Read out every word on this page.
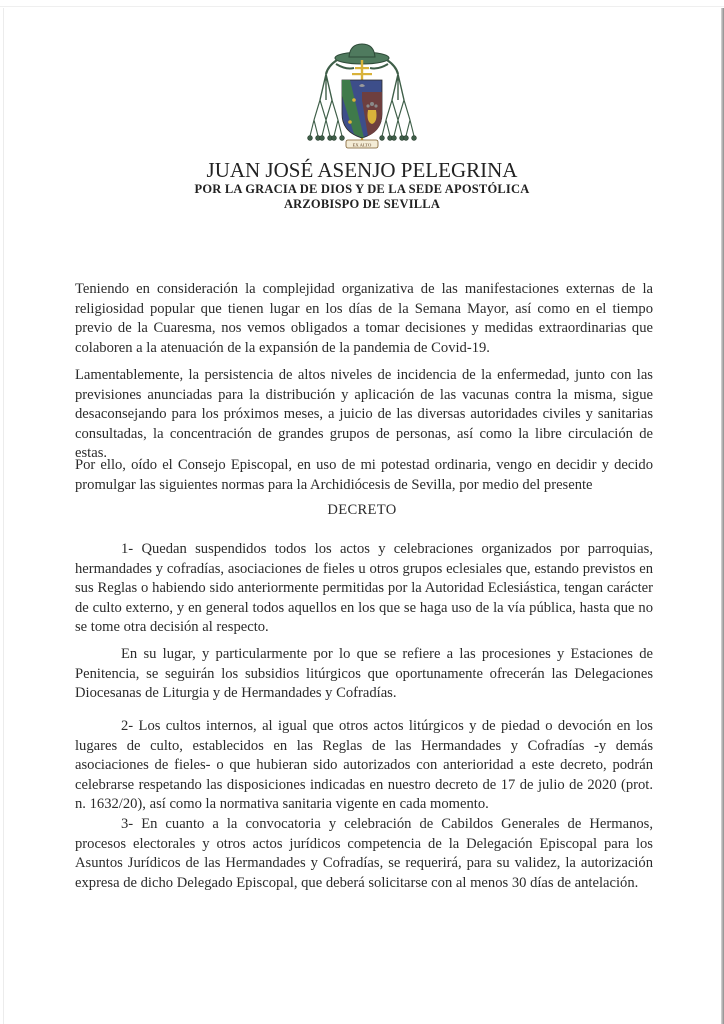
EX ALTO
JUAN JOSÉ ASENJO PELEGRINA
POR LA GRACIA DE DIOS Y DE LA SEDE APOSTÓLICA
ARZOBISPO DE SEVILLA

Teniendo en consideración la complejidad organizativa de las manifestaciones externas de la religiosidad popular que tienen lugar en los días de la Semana Mayor, así como en el tiempo previo de la Cuaresma, nos vemos obligados a tomar decisiones y medidas extraordinarias que colaboren a la atenuación de la expansión de la pandemia de Covid-19.

Lamentablemente, la persistencia de altos niveles de incidencia de la enfermedad, junto con las previsiones anunciadas para la distribución y aplicación de las vacunas contra la misma, sigue desaconsejando para los próximos meses, a juicio de las diversas autoridades civiles y sanitarias consultadas, la concentración de grandes grupos de personas, así como la libre circulación de estas.

Por ello, oído el Consejo Episcopal, en uso de mi potestad ordinaria, vengo en decidir y decido promulgar las siguientes normas para la Archidiócesis de Sevilla, por medio del presente

DECRETO

1- Quedan suspendidos todos los actos y celebraciones organizados por parroquias, hermandades y cofradías, asociaciones de fieles u otros grupos eclesiales que, estando previstos en sus Reglas o habiendo sido anteriormente permitidas por la Autoridad Eclesiástica, tengan carácter de culto externo, y en general todos aquellos en los que se haga uso de la vía pública, hasta que no se tome otra decisión al respecto.

En su lugar, y particularmente por lo que se refiere a las procesiones y Estaciones de Penitencia, se seguirán los subsidios litúrgicos que oportunamente ofrecerán las Delegaciones Diocesanas de Liturgia y de Hermandades y Cofradías.

2- Los cultos internos, al igual que otros actos litúrgicos y de piedad o devoción en los lugares de culto, establecidos en las Reglas de las Hermandades y Cofradías -y demás asociaciones de fieles- o que hubieran sido autorizados con anterioridad a este decreto, podrán celebrarse respetando las disposiciones indicadas en nuestro decreto de 17 de julio de 2020 (prot. n. 1632/20), así como la normativa sanitaria vigente en cada momento.

3- En cuanto a la convocatoria y celebración de Cabildos Generales de Hermanos, procesos electorales y otros actos jurídicos competencia de la Delegación Episcopal para los Asuntos Jurídicos de las Hermandades y Cofradías, se requerirá, para su validez, la autorización expresa de dicho Delegado Episcopal, que deberá solicitarse con al menos 30 días de antelación.
